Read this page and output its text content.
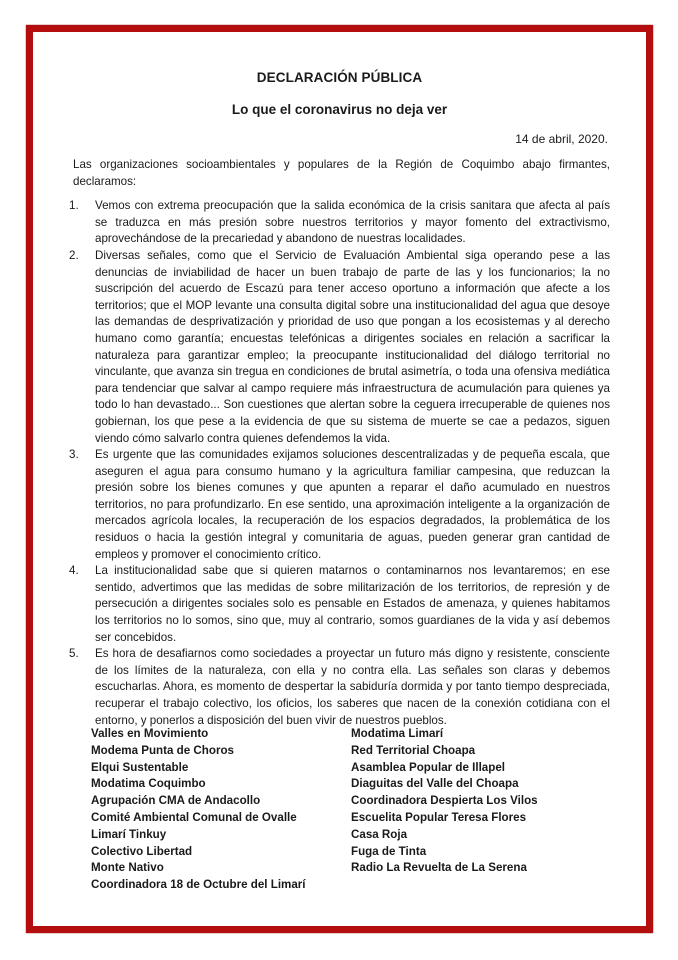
DECLARACIÓN PÚBLICA
Lo que el coronavirus no deja ver
14 de abril, 2020.

Las organizaciones socioambientales y populares de la Región de Coquimbo abajo firmantes, declaramos:

1. Vemos con extrema preocupación que la salida económica de la crisis sanitara que afecta al país se traduzca en más presión sobre nuestros territorios y mayor fomento del extractivismo, aprovechándose de la precariedad y abandono de nuestras localidades.
2. Diversas señales, como que el Servicio de Evaluación Ambiental siga operando pese a las denuncias de inviabilidad de hacer un buen trabajo de parte de las y los funcionarios; la no suscripción del acuerdo de Escazú para tener acceso oportuno a información que afecte a los territorios; que el MOP levante una consulta digital sobre una institucionalidad del agua que desoye las demandas de desprivatización y prioridad de uso que pongan a los ecosistemas y al derecho humano como garantía; encuestas telefónicas a dirigentes sociales en relación a sacrificar la naturaleza para garantizar empleo; la preocupante institucionalidad del diálogo territorial no vinculante, que avanza sin tregua en condiciones de brutal asimetría, o toda una ofensiva mediática para tendenciar que salvar al campo requiere más infraestructura de acumulación para quienes ya todo lo han devastado... Son cuestiones que alertan sobre la ceguera irrecuperable de quienes nos gobiernan, los que pese a la evidencia de que su sistema de muerte se cae a pedazos, siguen viendo cómo salvarlo contra quienes defendemos la vida.
3. Es urgente que las comunidades exijamos soluciones descentralizadas y de pequeña escala, que aseguren el agua para consumo humano y la agricultura familiar campesina, que reduzcan la presión sobre los bienes comunes y que apunten a reparar el daño acumulado en nuestros territorios, no para profundizarlo. En ese sentido, una aproximación inteligente a la organización de mercados agrícola locales, la recuperación de los espacios degradados, la problemática de los residuos o hacia la gestión integral y comunitaria de aguas, pueden generar gran cantidad de empleos y promover el conocimiento crítico.
4. La institucionalidad sabe que si quieren matarnos o contaminarnos nos levantaremos; en ese sentido, advertimos que las medidas de sobre militarización de los territorios, de represión y de persecución a dirigentes sociales solo es pensable en Estados de amenaza, y quienes habitamos los territorios no lo somos, sino que, muy al contrario, somos guardianes de la vida y así debemos ser concebidos.
5. Es hora de desafiarnos como sociedades a proyectar un futuro más digno y resistente, consciente de los límites de la naturaleza, con ella y no contra ella. Las señales son claras y debemos escucharlas. Ahora, es momento de despertar la sabiduría dormida y por tanto tiempo despreciada, recuperar el trabajo colectivo, los oficios, los saberes que nacen de la conexión cotidiana con el entorno, y ponerlos a disposición del buen vivir de nuestros pueblos.
Valles en Movimiento
Modema Punta de Choros
Elqui Sustentable
Modatima Coquimbo
Agrupación CMA de Andacollo
Comité Ambiental Comunal de Ovalle
Limarí Tinkuy
Colectivo Libertad
Monte Nativo
Coordinadora 18 de Octubre del Limarí
Modatima Limarí
Red Territorial Choapa
Asamblea Popular de Illapel
Diaguitas del Valle del Choapa
Coordinadora Despierta Los Vilos
Escuelita Popular Teresa Flores
Casa Roja
Fuga de Tinta
Radio La Revuelta de La Serena
